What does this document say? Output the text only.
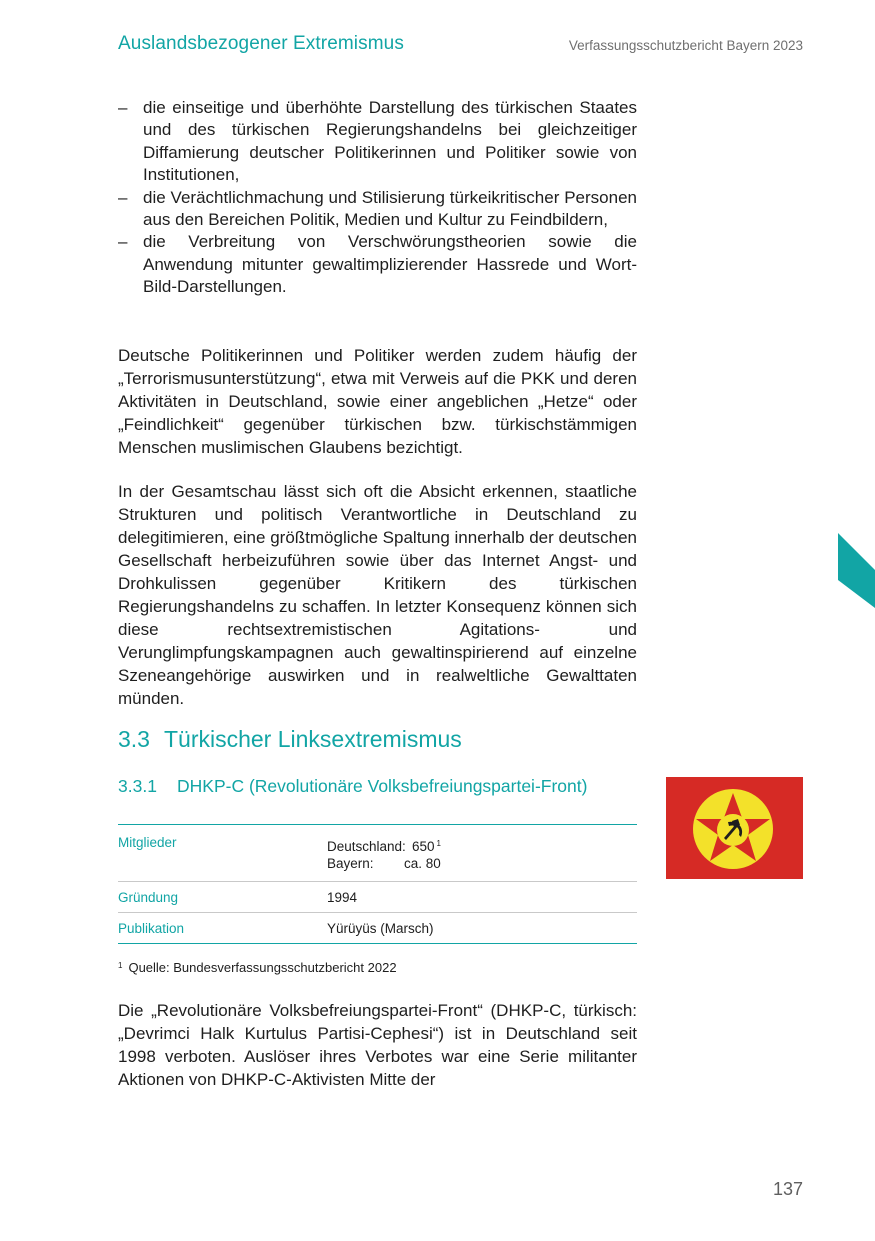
Auslandsbezogener Extremismus	Verfassungsschutzbericht Bayern 2023
– die einseitige und überhöhte Darstellung des türkischen Staates und des türkischen Regierungshandelns bei gleichzeitiger Diffamierung deutscher Politikerinnen und Politiker sowie von Institutionen,
– die Verächtlichmachung und Stilisierung türkeikritischer Personen aus den Bereichen Politik, Medien und Kultur zu Feindbildern,
– die Verbreitung von Verschwörungstheorien sowie die Anwendung mitunter gewaltimplizierender Hassrede und Wort-Bild-Darstellungen.

Deutsche Politikerinnen und Politiker werden zudem häufig der „Terrorismusunterstützung“, etwa mit Verweis auf die PKK und deren Aktivitäten in Deutschland, sowie einer angeblichen „Hetze“ oder „Feindlichkeit“ gegenüber türkischen bzw. türkischstämmigen Menschen muslimischen Glaubens bezichtigt.

In der Gesamtschau lässt sich oft die Absicht erkennen, staatliche Strukturen und politisch Verantwortliche in Deutschland zu delegitimieren, eine größtmögliche Spaltung innerhalb der deutschen Gesellschaft herbeizuführen sowie über das Internet Angst- und Drohkulissen gegenüber Kritikern des türkischen Regierungshandelns zu schaffen. In letzter Konsequenz können sich diese rechtsextremistischen Agitations- und Verunglimpfungskampagnen auch gewaltinspirierend auf einzelne Szeneangehörige auswirken und in realweltliche Gewalttaten münden.

3.3 Türkischer Linksextremismus
3.3.1 DHKP-C (Revolutionäre Volksbefreiungspartei-Front)
Mitglieder	Deutschland: 650 $^1$
Bayern: ca. 80

Gründung	1994
Publikation	Yürüyüs (Marsch)
$^1$ Quelle: Bundesverfassungsschutzbericht 2022

Die „Revolutionäre Volksbefreiungspartei-Front“ (DHKP-C, türkisch: „Devrimci Halk Kurtulus Partisi-Cephesi“) ist in Deutschland seit 1998 verboten. Auslöser ihres Verbotes war eine Serie militanter Aktionen von DHKP-C-Aktivisten Mitte der

137
